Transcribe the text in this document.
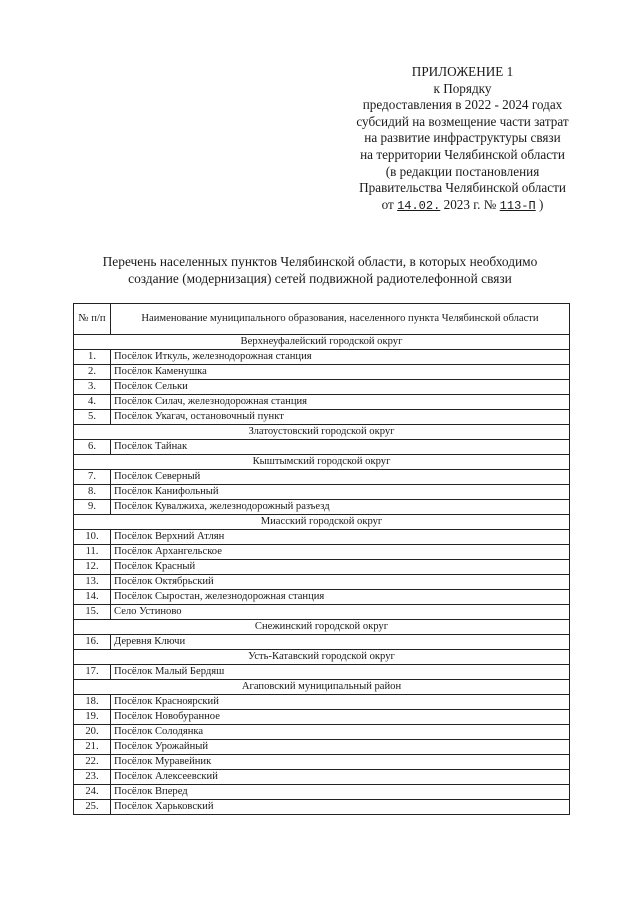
ПРИЛОЖЕНИЕ 1
к Порядку
предоставления в 2022 - 2024 годах
субсидий на возмещение части затрат
на развитие инфраструктуры связи
на территории Челябинской области
(в редакции постановления
Правительства Челябинской области
от 14.02. 2023 г. № 113-П )
Перечень населенных пунктов Челябинской области, в которых необходимо
создание (модернизация) сетей подвижной радиотелефонной связи
№ п/п	Наименование муниципального образования, населенного пункта Челябинской области
Верхнеуфалейский городской округ	
1.	Посёлок Иткуль, железнодорожная станция
2.	Посёлок Каменушка
3.	Посёлок Сельки
4.	Посёлок Силач, железнодорожная станция
5.	Посёлок Укагач, остановочный пункт
Златоустовский городской округ	
6.	Посёлок Тайнак
Кыштымский городской округ	
7.	Посёлок Северный
8.	Посёлок Канифольный
9.	Посёлок Кувалжиха, железнодорожный разъезд
Миасский городской округ	
10.	Посёлок Верхний Атлян
11.	Посёлок Архангельское
12.	Посёлок Красный
13.	Посёлок Октябрьский
14.	Посёлок Сыростан, железнодорожная станция
15.	Село Устиново
Снежинский городской округ	
16.	Деревня Ключи
Усть-Катавский городской округ	
17.	Посёлок Малый Бердяш
Агаповский муниципальный район	
18.	Посёлок Красноярский
19.	Посёлок Новобуранное
20.	Посёлок Солодянка
21.	Посёлок Урожайный
22.	Посёлок Муравейник
23.	Посёлок Алексеевский
24.	Посёлок Вперед
25.	Посёлок Харьковский
